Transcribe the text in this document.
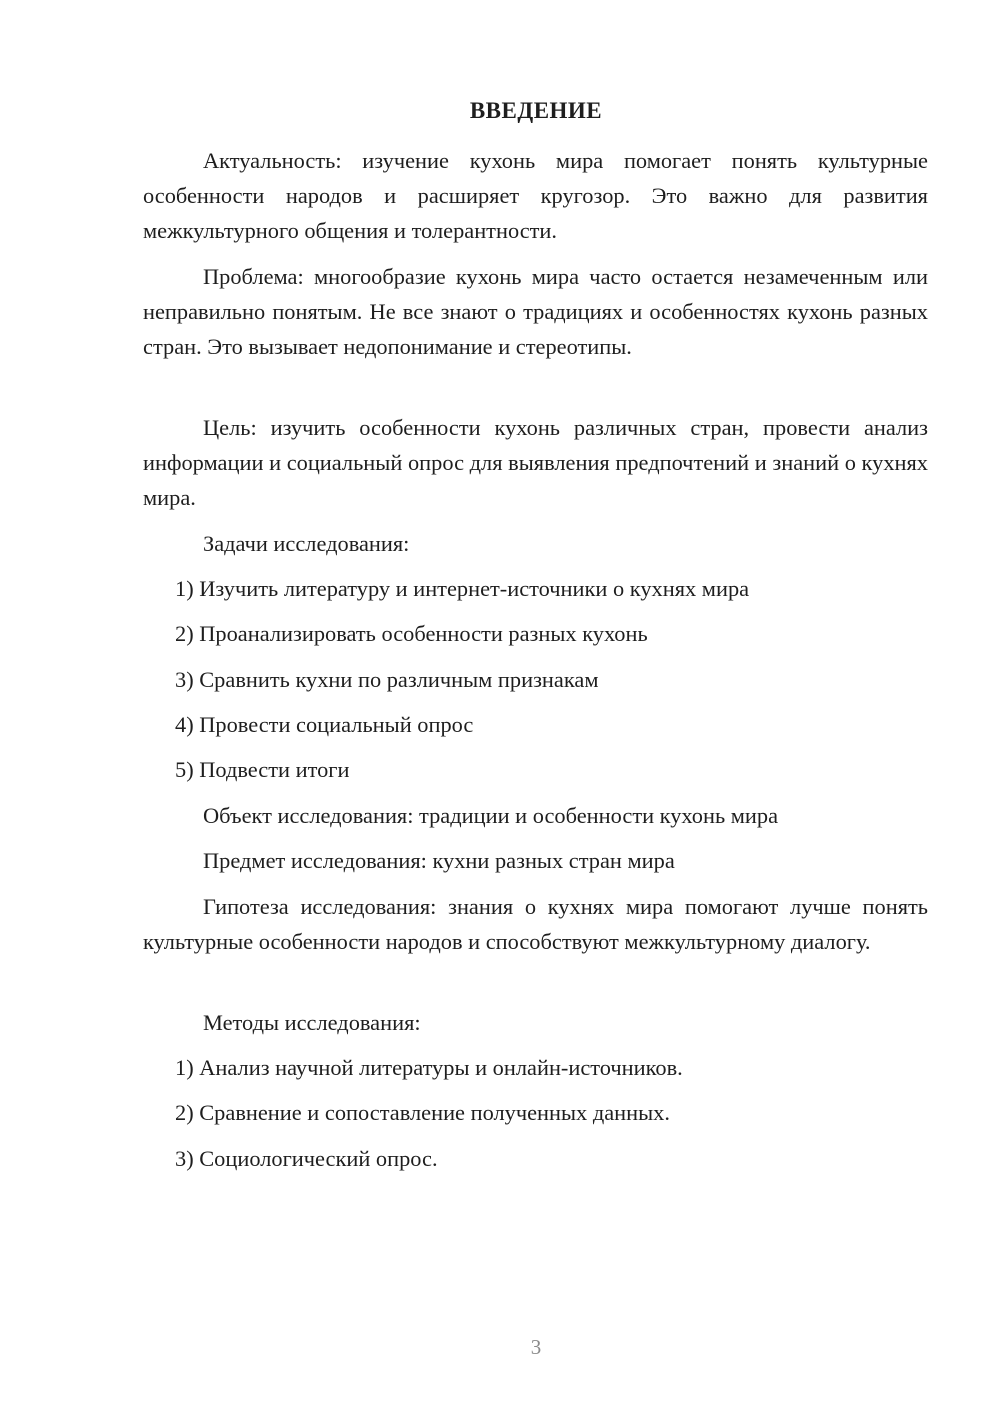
ВВЕДЕНИЕ

Актуальность: изучение кухонь мира помогает понять культурные особенности народов и расширяет кругозор. Это важно для развития межкультурного общения и толерантности.

Проблема: многообразие кухонь мира часто остается незамеченным или неправильно понятым. Не все знают о традициях и особенностях кухонь разных стран. Это вызывает недопонимание и стереотипы.

Цель: изучить особенности кухонь различных стран, провести анализ информации и социальный опрос для выявления предпочтений и знаний о кухнях мира.

Задачи исследования:
1) Изучить литературу и интернет-источники о кухнях мира
2) Проанализировать особенности разных кухонь
3) Сравнить кухни по различным признакам
4) Провести социальный опрос
5) Подвести итоги
Объект исследования: традиции и особенности кухонь мира
Предмет исследования: кухни разных стран мира

Гипотеза исследования: знания о кухнях мира помогают лучше понять культурные особенности народов и способствуют межкультурному диалогу.

Методы исследования:
1) Анализ научной литературы и онлайн-источников.
2) Сравнение и сопоставление полученных данных.
3) Социологический опрос.
3
